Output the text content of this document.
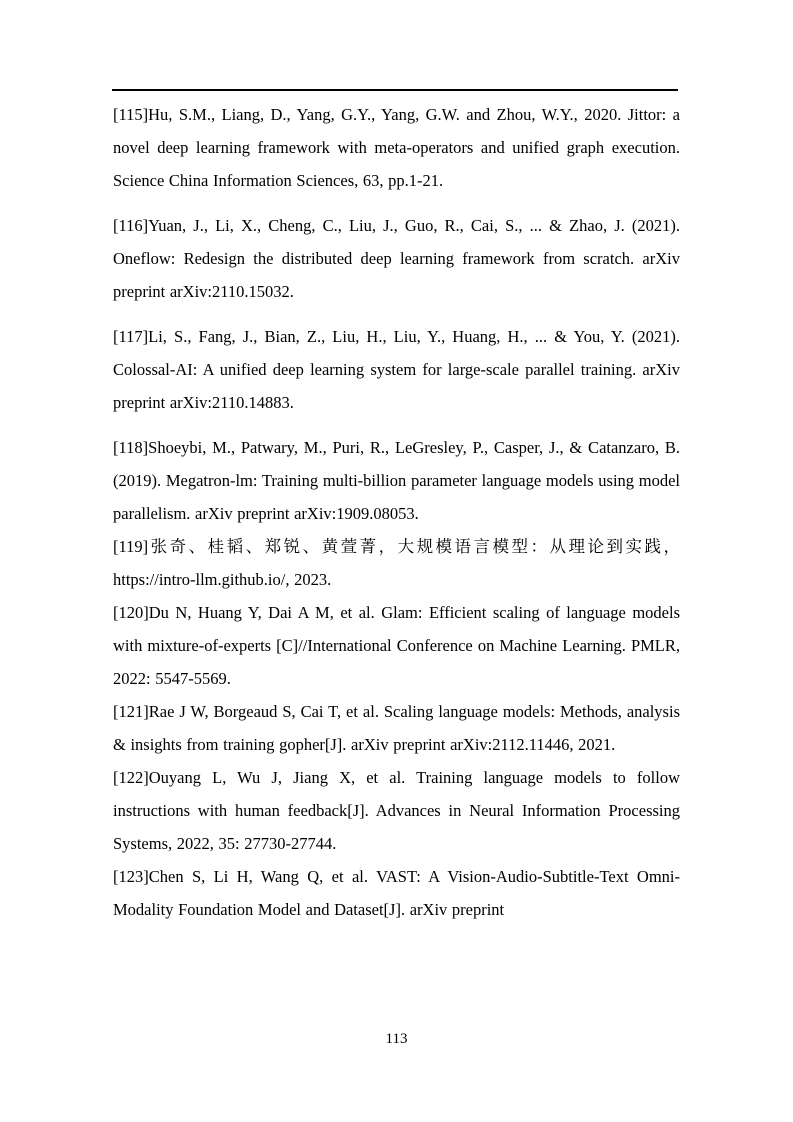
[115]Hu, S.M., Liang, D., Yang, G.Y., Yang, G.W. and Zhou, W.Y., 2020. Jittor: a novel deep learning framework with meta-operators and unified graph execution. Science China Information Sciences, 63, pp.1-21.

[116]Yuan, J., Li, X., Cheng, C., Liu, J., Guo, R., Cai, S., ... & Zhao, J. (2021). Oneflow: Redesign the distributed deep learning framework from scratch. arXiv preprint arXiv:2110.15032.

[117]Li, S., Fang, J., Bian, Z., Liu, H., Liu, Y., Huang, H., ... & You, Y. (2021). Colossal-AI: A unified deep learning system for large-scale parallel training. arXiv preprint arXiv:2110.14883.

[118]Shoeybi, M., Patwary, M., Puri, R., LeGresley, P., Casper, J., & Catanzaro, B. (2019). Megatron-lm: Training multi-billion parameter language models using model parallelism. arXiv preprint arXiv:1909.08053.

[119]张奇、桂韬、郑锐、黄萱菁，大规模语言模型：从理论到实践，https://intro-llm.github.io/, 2023.

[120]Du N, Huang Y, Dai A M, et al. Glam: Efficient scaling of language models with mixture-of-experts [C]//International Conference on Machine Learning. PMLR, 2022: 5547-5569.

[121]Rae J W, Borgeaud S, Cai T, et al. Scaling language models: Methods, analysis & insights from training gopher[J]. arXiv preprint arXiv:2112.11446, 2021.

[122]Ouyang L, Wu J, Jiang X, et al. Training language models to follow instructions with human feedback[J]. Advances in Neural Information Processing Systems, 2022, 35: 27730-27744.

[123]Chen S, Li H, Wang Q, et al. VAST: A Vision-Audio-Subtitle-Text Omni-Modality Foundation Model and Dataset[J]. arXiv preprint

113
